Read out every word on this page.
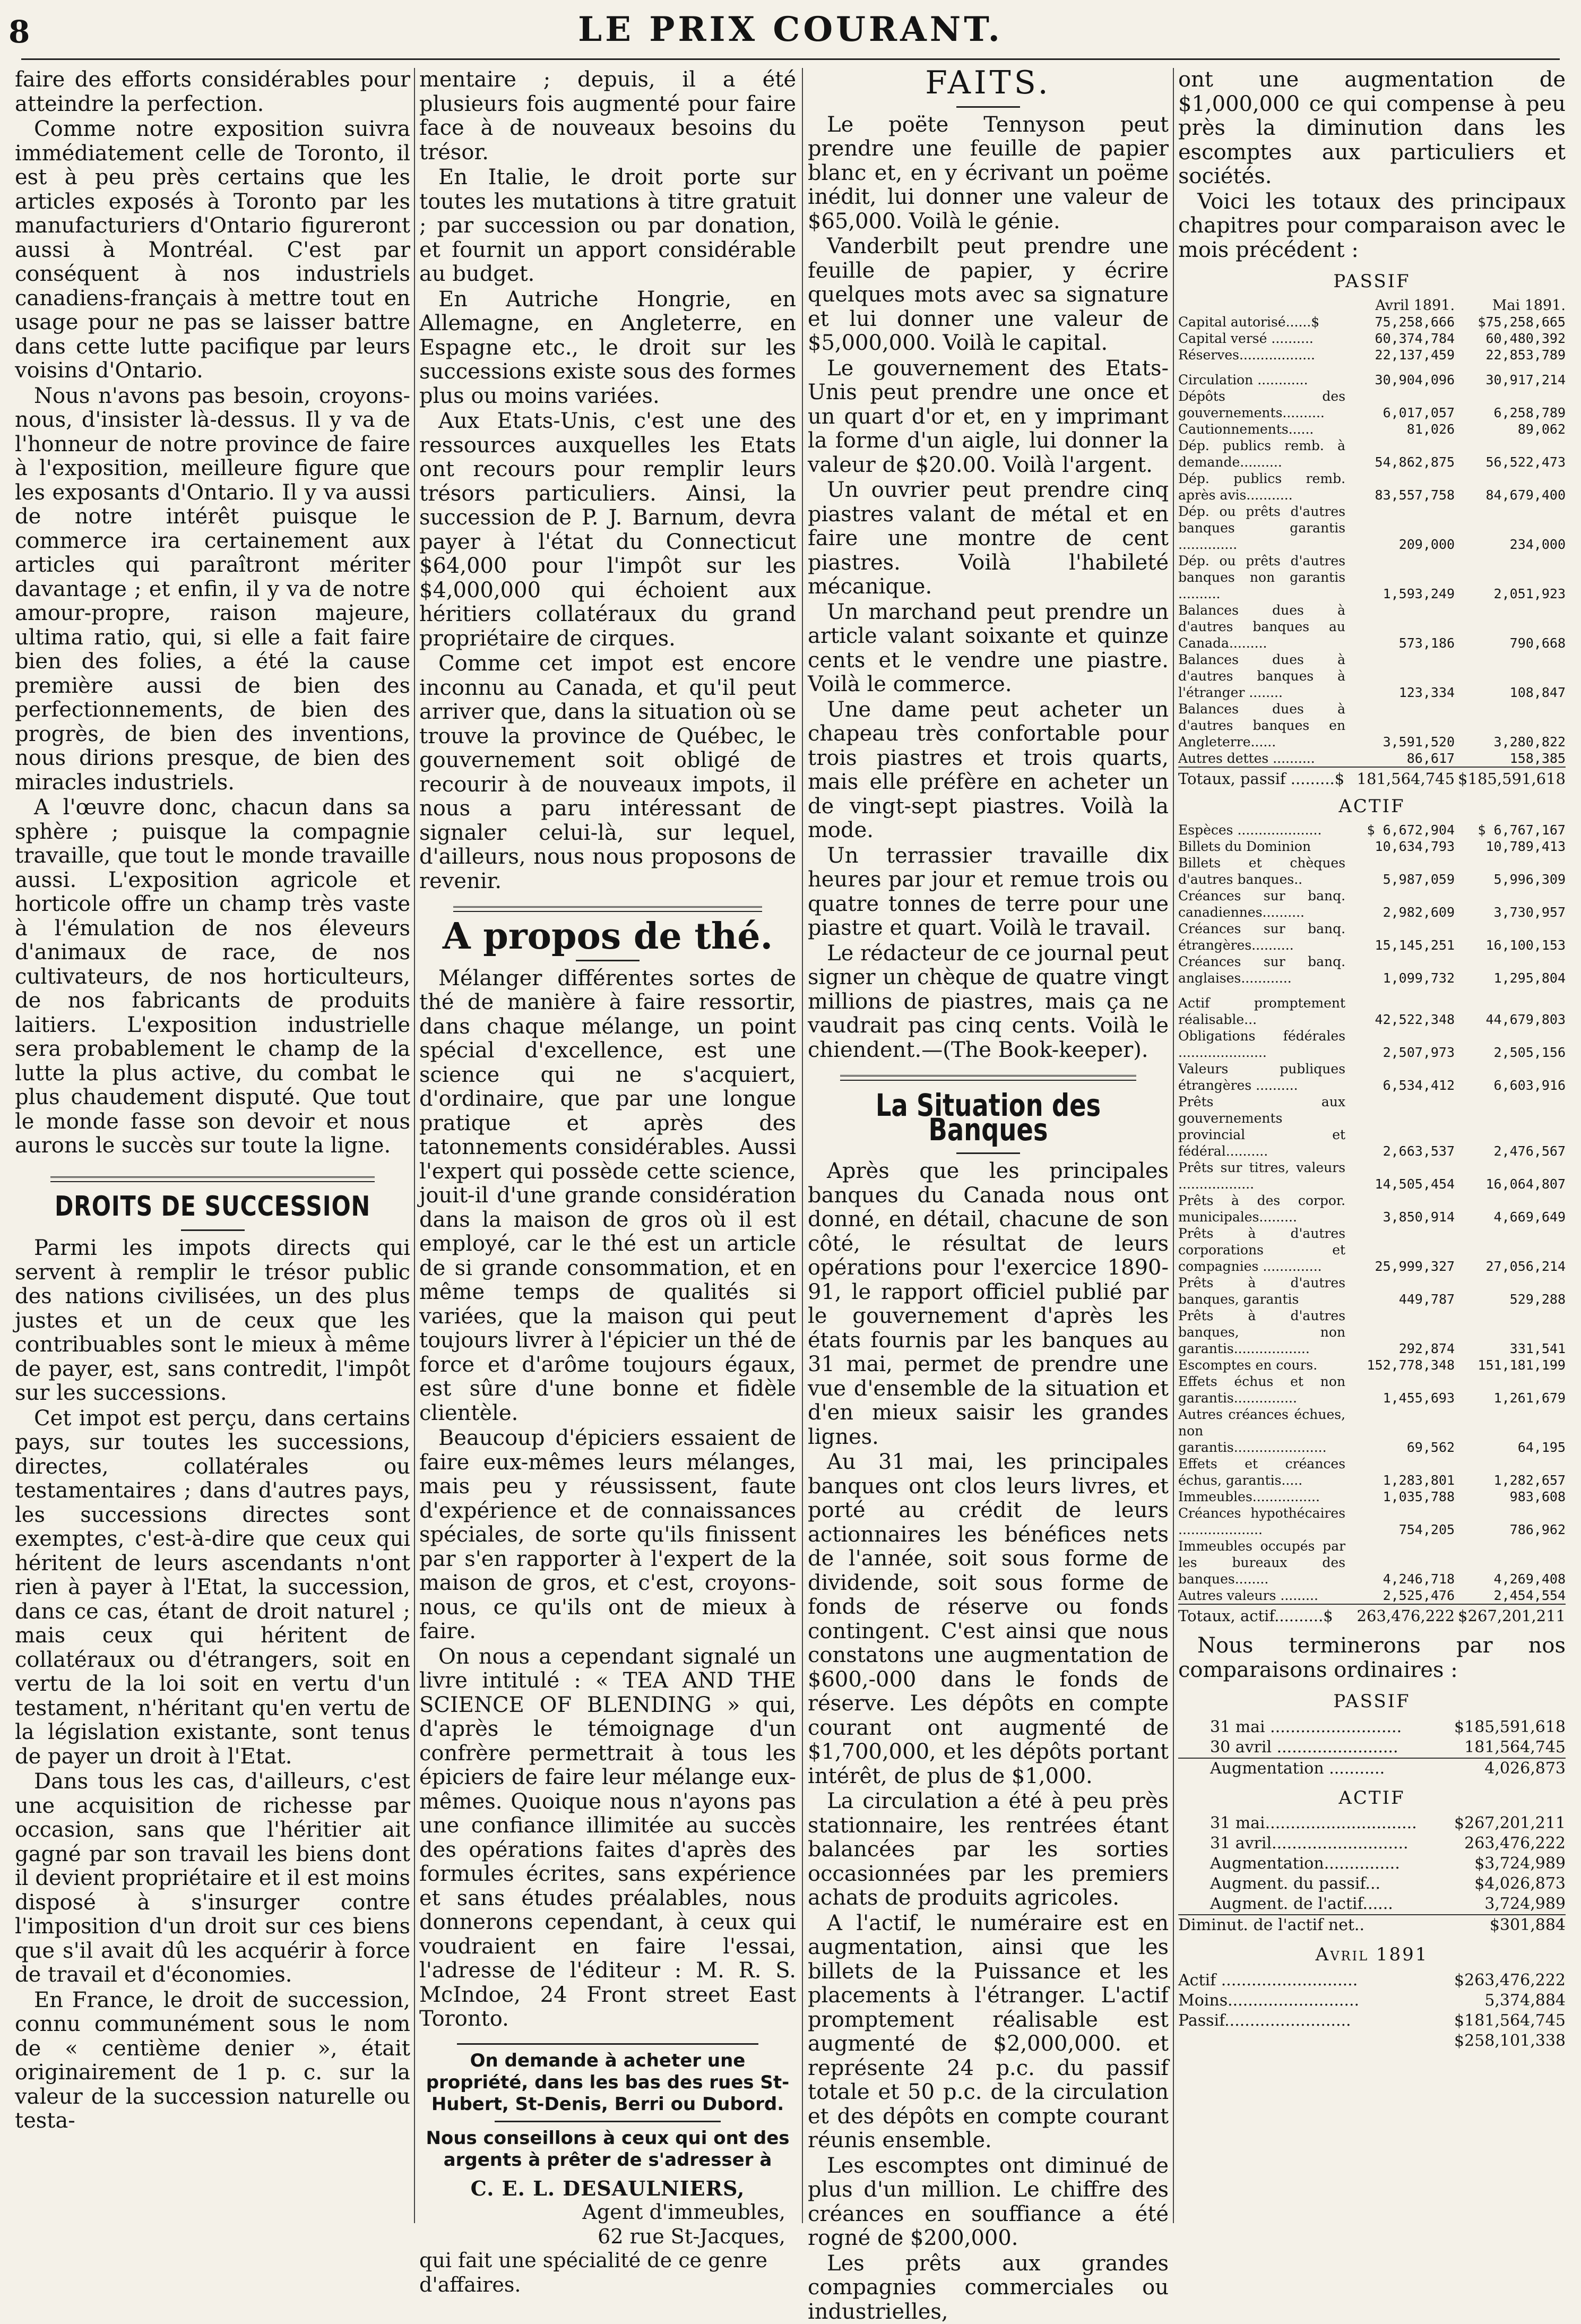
8	LE PRIX COURANT.

faire des efforts considérables pour atteindre la perfection.

Comme notre exposition suivra immédiatement celle de Toronto, il est à peu près certains que les articles exposés à Toronto par les manufacturiers d'Ontario figureront aussi à Montréal. C'est par conséquent à nos industriels canadiens-français à mettre tout en usage pour ne pas se laisser battre dans cette lutte pacifique par leurs voisins d'Ontario.

Nous n'avons pas besoin, croyons-nous, d'insister là-dessus. Il y va de l'honneur de notre province de faire à l'exposition, meilleure figure que les exposants d'Ontario. Il y va aussi de notre intérêt puisque le commerce ira certainement aux articles qui paraîtront mériter davantage ; et enfin, il y va de notre amour-propre, raison majeure, ultima ratio, qui, si elle a fait faire bien des folies, a été la cause première aussi de bien des perfectionnements, de bien des progrès, de bien des inventions, nous dirions presque, de bien des miracles industriels.

A l'œuvre donc, chacun dans sa sphère ; puisque la compagnie travaille, que tout le monde travaille aussi. L'exposition agricole et horticole offre un champ très vaste à l'émulation de nos éleveurs d'animaux de race, de nos cultivateurs, de nos horticulteurs, de nos fabricants de produits laitiers. L'exposition industrielle sera probablement le champ de la lutte la plus active, du combat le plus chaudement disputé. Que tout le monde fasse son devoir et nous aurons le succès sur toute la ligne.

DROITS DE SUCCESSION

Parmi les impots directs qui servent à remplir le trésor public des nations civilisées, un des plus justes et un de ceux que les contribuables sont le mieux à même de payer, est, sans contredit, l'impôt sur les successions.

Cet impot est perçu, dans certains pays, sur toutes les successions, directes, collatérales ou testamentaires ; dans d'autres pays, les successions directes sont exemptes, c'est-à-dire que ceux qui héritent de leurs ascendants n'ont rien à payer à l'Etat, la succession, dans ce cas, étant de droit naturel ; mais ceux qui héritent de collatéraux ou d'étrangers, soit en vertu de la loi soit en vertu d'un testament, n'héritant qu'en vertu de la législation existante, sont tenus de payer un droit à l'Etat.

Dans tous les cas, d'ailleurs, c'est une acquisition de richesse par occasion, sans que l'héritier ait gagné par son travail les biens dont il devient propriétaire et il est moins disposé à s'insurger contre l'imposition d'un droit sur ces biens que s'il avait dû les acquérir à force de travail et d'économies.

En France, le droit de succession, connu communément sous le nom de « centième denier », était originairement de 1 p. c. sur la valeur de la succession naturelle ou testa-

mentaire ; depuis, il a été plusieurs fois augmenté pour faire face à de nouveaux besoins du trésor.

En Italie, le droit porte sur toutes les mutations à titre gratuit ; par succession ou par donation, et fournit un apport considérable au budget.

En Autriche Hongrie, en Allemagne, en Angleterre, en Espagne etc., le droit sur les successions existe sous des formes plus ou moins variées.

Aux Etats-Unis, c'est une des ressources auxquelles les Etats ont recours pour remplir leurs trésors particuliers. Ainsi, la succession de P. J. Barnum, devra payer à l'état du Connecticut $64,000 pour l'impôt sur les $4,000,000 qui échoient aux héritiers collatéraux du grand propriétaire de cirques.

Comme cet impot est encore inconnu au Canada, et qu'il peut arriver que, dans la situation où se trouve la province de Québec, le gouvernement soit obligé de recourir à de nouveaux impots, il nous a paru intéressant de signaler celui-là, sur lequel, d'ailleurs, nous nous proposons de revenir.

A propos de thé.

Mélanger différentes sortes de thé de manière à faire ressortir, dans chaque mélange, un point spécial d'excellence, est une science qui ne s'acquiert, d'ordinaire, que par une longue pratique et après des tatonnements considérables. Aussi l'expert qui possède cette science, jouit-il d'une grande considération dans la maison de gros où il est employé, car le thé est un article de si grande consommation, et en même temps de qualités si variées, que la maison qui peut toujours livrer à l'épicier un thé de force et d'arôme toujours égaux, est sûre d'une bonne et fidèle clientèle.

Beaucoup d'épiciers essaient de faire eux-mêmes leurs mélanges, mais peu y réussissent, faute d'expérience et de connaissances spéciales, de sorte qu'ils finissent par s'en rapporter à l'expert de la maison de gros, et c'est, croyons-nous, ce qu'ils ont de mieux à faire.

On nous a cependant signalé un livre intitulé : « TEA AND THE SCIENCE OF BLENDING » qui, d'après le témoignage d'un confrère permettrait à tous les épiciers de faire leur mélange eux-mêmes. Quoique nous n'ayons pas une confiance illimitée au succès des opérations faites d'après des formules écrites, sans expérience et sans études préalables, nous donnerons cependant, à ceux qui voudraient en faire l'essai, l'adresse de l'éditeur : M. R. S. McIndoe, 24 Front street East Toronto.

On demande à acheter une propriété, dans les bas des rues St-Hubert, St-Denis, Berri ou Dubord.
Nous conseillons à ceux qui ont des argents à prêter de s'adresser à
C. E. L. DESAULNIERS,
Agent d'immeubles,
62 rue St-Jacques,
qui fait une spécialité de ce genre d'affaires.
FAITS.

Le poëte Tennyson peut prendre une feuille de papier blanc et, en y écrivant un poëme inédit, lui donner une valeur de $65,000. Voilà le génie.

Vanderbilt peut prendre une feuille de papier, y écrire quelques mots avec sa signature et lui donner une valeur de $5,000,000. Voilà le capital.

Le gouvernement des Etats-Unis peut prendre une once et un quart d'or et, en y imprimant la forme d'un aigle, lui donner la valeur de $20.00. Voilà l'argent.

Un ouvrier peut prendre cinq piastres valant de métal et en faire une montre de cent piastres. Voilà l'habileté mécanique.

Un marchand peut prendre un article valant soixante et quinze cents et le vendre une piastre. Voilà le commerce.

Une dame peut acheter un chapeau très confortable pour trois piastres et trois quarts, mais elle préfère en acheter un de vingt-sept piastres. Voilà la mode.

Un terrassier travaille dix heures par jour et remue trois ou quatre tonnes de terre pour une piastre et quart. Voilà le travail.

Le rédacteur de ce journal peut signer un chèque de quatre vingt millions de piastres, mais ça ne vaudrait pas cinq cents. Voilà le chiendent.—(The Book-keeper).

La Situation des Banques

Après que les principales banques du Canada nous ont donné, en détail, chacune de son côté, le résultat de leurs opérations pour l'exercice 1890-91, le rapport officiel publié par le gouvernement d'après les états fournis par les banques au 31 mai, permet de prendre une vue d'ensemble de la situation et d'en mieux saisir les grandes lignes.

Au 31 mai, les principales banques ont clos leurs livres, et porté au crédit de leurs actionnaires les bénéfices nets de l'année, soit sous forme de dividende, soit sous forme de fonds de réserve ou fonds contingent. C'est ainsi que nous constatons une augmentation de $600,-000 dans le fonds de réserve. Les dépôts en compte courant ont augmenté de $1,700,000, et les dépôts portant intérêt, de plus de $1,000.

La circulation a été à peu près stationnaire, les rentrées étant balancées par les sorties occasionnées par les premiers achats de produits agricoles.

A l'actif, le numéraire est en augmentation, ainsi que les billets de la Puissance et les placements à l'étranger. L'actif promptement réalisable est augmenté de $2,000,000. et représente 24 p.c. du passif totale et 50 p.c. de la circulation et des dépôts en compte courant réunis ensemble.

Les escomptes ont diminué de plus d'un million. Le chiffre des créances en souffiance a été rogné de $200,000.

Les prêts aux grandes compagnies commerciales ou industrielles,

ont une augmentation de $1,000,000 ce qui compense à peu près la diminution dans les escomptes aux particuliers et sociétés.

Voici les totaux des principaux chapitres pour comparaison avec le mois précédent :

PASSIF
	Avril 1891.	Mai 1891.
Capital autorisé......$	75,258,666	$75,258,665
Capital versé ..........	60,374,784	60,480,392
Réserves..................	22,137,459	22,853,789

Circulation ............	30,904,096	30,917,214
Dépôts des gouvernements..........	6,017,057	6,258,789
Cautionnements......	81,026	89,062
Dép. publics remb. à demande..........	54,862,875	56,522,473
Dép. publics remb. après avis...........	83,557,758	84,679,400
Dép. ou prêts d'autres banques garantis ..............	209,000	234,000
Dép. ou prêts d'autres banques non garantis ..........	1,593,249	2,051,923
Balances dues à d'autres banques au Canada.........	573,186	790,668
Balances dues à d'autres banques à l'étranger ........	123,334	108,847
Balances dues à d'autres banques en Angleterre......	3,591,520	3,280,822
Autres dettes ..........	86,617	158,385
Totaux, passif .........$	181,564,745	$185,591,618
ACTIF
Espèces ....................	$ 6,672,904	$ 6,767,167
Billets du Dominion	10,634,793	10,789,413
Billets et chèques d'autres banques..	5,987,059	5,996,309
Créances sur banq. canadiennes..........	2,982,609	3,730,957
Créances sur banq. étrangères..........	15,145,251	16,100,153
Créances sur banq. anglaises............	1,099,732	1,295,804

Actif promptement réalisable...	42,522,348	44,679,803
Obligations fédérales .....................	2,507,973	2,505,156
Valeurs publiques étrangères ..........	6,534,412	6,603,916
Prêts aux gouvernements provincial et fédéral..........	2,663,537	2,476,567
Prêts sur titres, valeurs ..................	14,505,454	16,064,807
Prêts à des corpor. municipales.........	3,850,914	4,669,649
Prêts à d'autres corporations et compagnies ..............	25,999,327	27,056,214
Prêts à d'autres banques, garantis	449,787	529,288
Prêts à d'autres banques, non garantis..................	292,874	331,541
Escomptes en cours.	152,778,348	151,181,199
Effets échus et non garantis...............	1,455,693	1,261,679
Autres créances échues, non garantis......................	69,562	64,195
Effets et créances échus, garantis.....	1,283,801	1,282,657
Immeubles................	1,035,788	983,608
Créances hypothécaires ....................	754,205	786,962
Immeubles occupés par les bureaux des banques........	4,246,718	4,269,408
Autres valeurs .........	2,525,476	2,454,554
Totaux, actif..........$	263,476,222	$267,201,211

Nous terminerons par nos comparaisons ordinaires :

PASSIF
31 mai ..........................	$185,591,618
30 avril ........................	181,564,745
Augmentation ...........	4,026,873
ACTIF
31 mai..............................	$267,201,211
31 avril...........................	263,476,222
Augmentation...............	$3,724,989
Augment. du passif...	$4,026,873
Augment. de l'actif......	3,724,989
Diminut. de l'actif net..	$301,884
Avril 1891
Actif ...........................	$263,476,222
Moins..........................	5,374,884
Passif.........................	$181,564,745
	$258,101,338
